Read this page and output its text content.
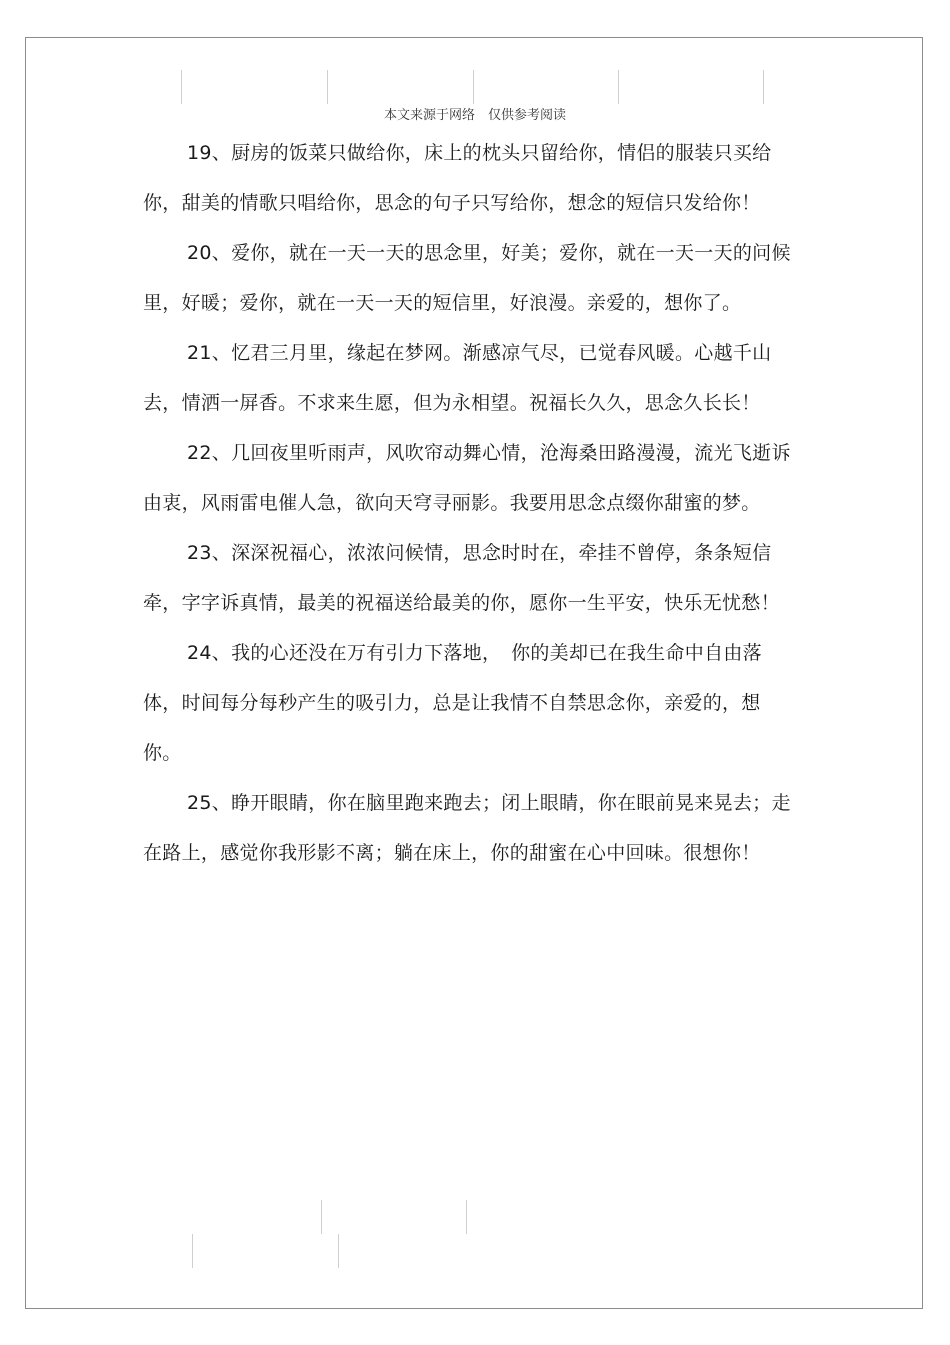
本文来源于网络　仅供参考阅读

19、厨房的饭菜只做给你，床上的枕头只留给你，情侣的服装只买给你，甜美的情歌只唱给你，思念的句子只写给你，想念的短信只发给你！

20、爱你，就在一天一天的思念里，好美；爱你，就在一天一天的问候里，好暖；爱你，就在一天一天的短信里，好浪漫。亲爱的，想你了。

21、忆君三月里，缘起在梦网。渐感凉气尽，已觉春风暖。心越千山去，情洒一屏香。不求来生愿，但为永相望。祝福长久久，思念久长长！

22、几回夜里听雨声，风吹帘动舞心情，沧海桑田路漫漫，流光飞逝诉由衷，风雨雷电催人急，欲向天穹寻丽影。我要用思念点缀你甜蜜的梦。

23、深深祝福心，浓浓问候情，思念时时在，牵挂不曾停，条条短信牵，字字诉真情，最美的祝福送给最美的你，愿你一生平安，快乐无忧愁！

24、我的心还没在万有引力下落地，　你的美却已在我生命中自由落体，时间每分每秒产生的吸引力，总是让我情不自禁思念你，亲爱的，想你。

25、睁开眼睛，你在脑里跑来跑去；闭上眼睛，你在眼前晃来晃去；走在路上，感觉你我形影不离；躺在床上，你的甜蜜在心中回味。很想你！
